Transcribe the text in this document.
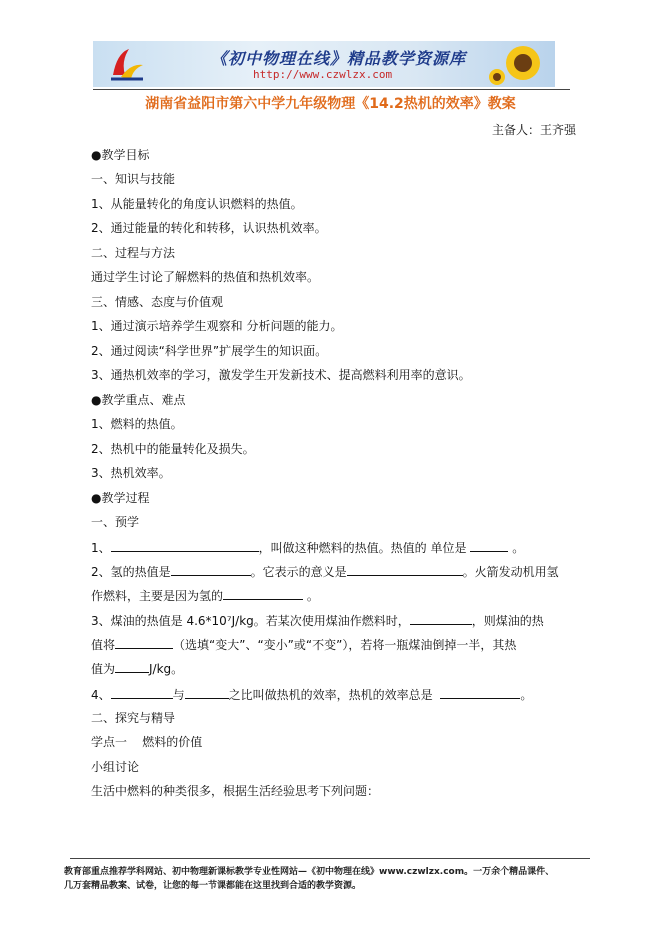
《初中物理在线》精品教学资源库
http://www.czwlzx.com
湖南省益阳市第六中学九年级物理《14.2热机的效率》教案
主备人：王齐强
●教学目标
一、知识与技能
1、从能量转化的角度认识燃料的热值。
2、通过能量的转化和转移，认识热机效率。
二、过程与方法
通过学生讨论了解燃料的热值和热机效率。
三、情感、态度与价值观
1、通过演示培养学生观察和 分析问题的能力。
2、通过阅读“科学世界”扩展学生的知识面。
3、通热机效率的学习，激发学生开发新技术、提高燃料利用率的意识。
●教学重点、难点
1、燃料的热值。
2、热机中的能量转化及损失。
3、热机效率。
●教学过程
一、预学
1、	，叫做这种燃料的热值。热值的 单位是	。
2、氢的热值是	。它表示的意义是	。火箭发动机用氢
作燃料，主要是因为氢的	。
3、煤油的热值是 4.6*10⁷J/kg。若某次使用煤油作燃料时，	，则煤油的热
值将	（选填“变大”、“变小”或“不变”），若将一瓶煤油倒掉一半，其热
值为	J/kg。
4、	与	之比叫做热机的效率，热机的效率总是	。
二、探究与精导
学点一    燃料的价值
小组讨论
生活中燃料的种类很多，根据生活经验思考下列问题：
教育部重点推荐学科网站、初中物理新课标教学专业性网站—《初中物理在线》www.czwlzx.com。一万余个精品课件、
几万套精品教案、试卷，让您的每一节课都能在这里找到合适的教学资源。
